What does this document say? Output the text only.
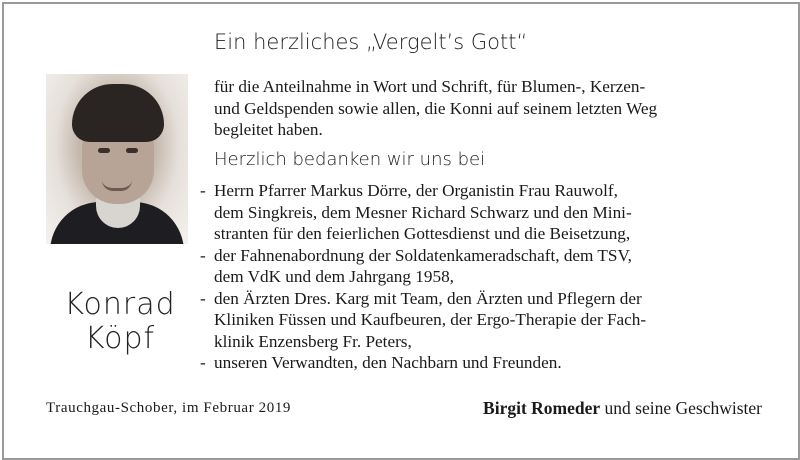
Konrad
Köpf
Ein herzliches „Vergelt’s Gott“
für die Anteilnahme in Wort und Schrift, für Blumen-, Kerzen-
und Geldspenden sowie allen, die Konni auf seinem letzten Weg
begleitet haben.
Herzlich bedanken wir uns bei
- Herrn Pfarrer Markus Dörre, der Organistin Frau Rauwolf,
dem Singkreis, dem Mesner Richard Schwarz und den Mini-
stranten für den feierlichen Gottesdienst und die Beisetzung,
- der Fahnenabordnung der Soldatenkameradschaft, dem TSV,
dem VdK und dem Jahrgang 1958,
- den Ärzten Dres. Karg mit Team, den Ärzten und Pflegern der
Kliniken Füssen und Kaufbeuren, der Ergo-Therapie der Fach-
klinik Enzensberg Fr. Peters,
- unseren Verwandten, den Nachbarn und Freunden.
Trauchgau-Schober, im Februar 2019	Birgit Romeder und seine Geschwister
